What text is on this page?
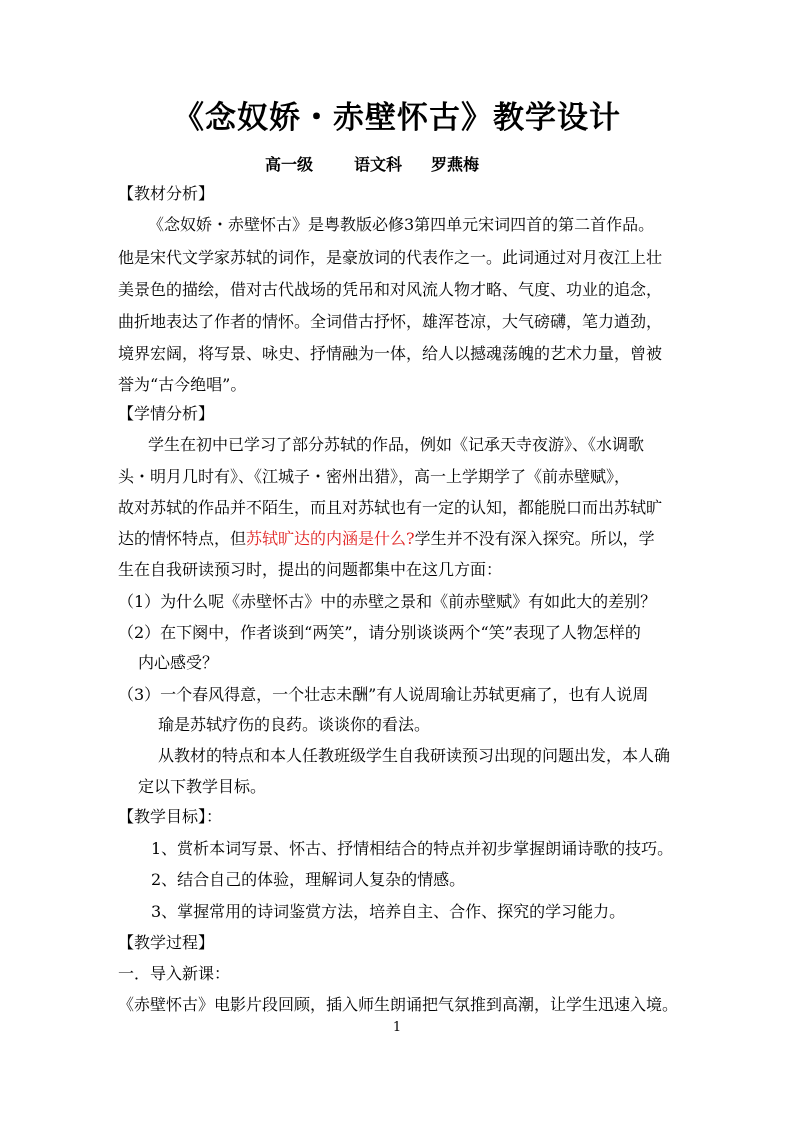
《念奴娇・赤壁怀古》教学设计
高一级	语文科 罗燕梅
【教材分析】
《念奴娇・赤壁怀古》是粤教版必修3第四单元宋词四首的第二首作品。
他是宋代文学家苏轼的词作，是豪放词的代表作之一。此词通过对月夜江上壮
美景色的描绘，借对古代战场的凭吊和对风流人物才略、气度、功业的追念，
曲折地表达了作者的情怀。全词借古抒怀，雄浑苍凉，大气磅礴，笔力遒劲，
境界宏阔，将写景、咏史、抒情融为一体，给人以撼魂荡魄的艺术力量，曾被
誉为“古今绝唱”。
【学情分析】
学生在初中已学习了部分苏轼的作品，例如《记承天寺夜游》、《水调歌
头・明月几时有》、《江城子・密州出猎》，高一上学期学了《前赤壁赋》，
故对苏轼的作品并不陌生，而且对苏轼也有一定的认知，都能脱口而出苏轼旷
达的情怀特点，但苏轼旷达的内涵是什么?学生并不没有深入探究。所以，学
生在自我研读预习时，提出的问题都集中在这几方面：
（1）为什么呢《赤壁怀古》中的赤壁之景和《前赤壁赋》有如此大的差别？
（2）在下阕中，作者谈到“两笑”，请分别谈谈两个“笑”表现了人物怎样的
内心感受？
（3）一个春风得意，一个壮志未酬”有人说周瑜让苏轼更痛了，也有人说周
瑜是苏轼疗伤的良药。谈谈你的看法。
从教材的特点和本人任教班级学生自我研读预习出现的问题出发，本人确
定以下教学目标。
【教学目标】：
1、赏析本词写景、怀古、抒情相结合的特点并初步掌握朗诵诗歌的技巧。
2、结合自己的体验，理解词人复杂的情感。
3、掌握常用的诗词鉴赏方法，培养自主、合作、探究的学习能力。
【教学过程】
一．导入新课：
《赤壁怀古》电影片段回顾，插入师生朗诵把气氛推到高潮，让学生迅速入境。
1
